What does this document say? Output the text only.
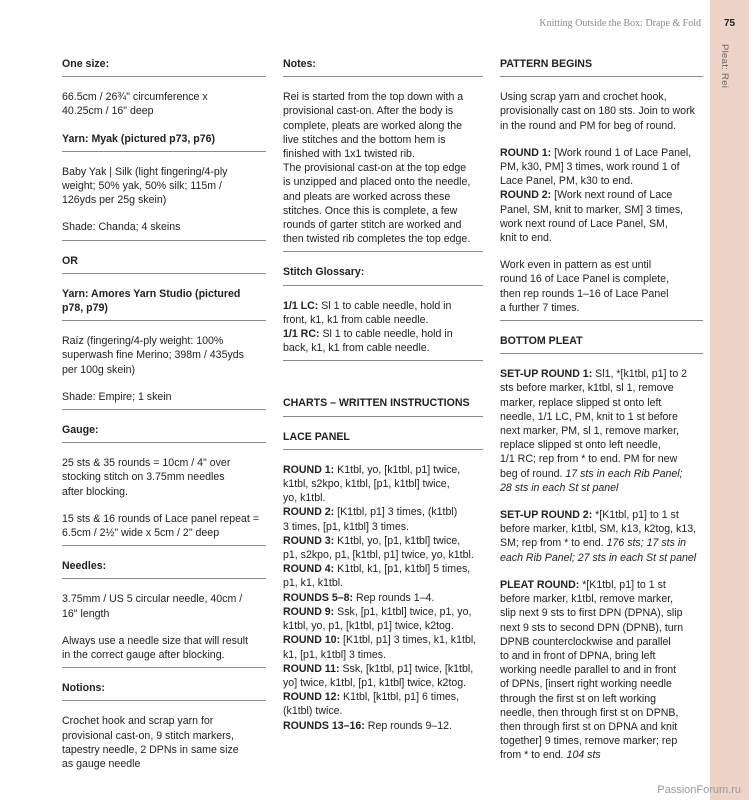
75
Pleat: Rei
Knitting Outside the Box: Drape & Fold
PassionForum.ru
One size:
66.5cm / 26¾" circumference x
40.25cm / 16" deep
Yarn: Myak (pictured p73, p76)
Baby Yak | Silk (light fingering/4-ply
weight; 50% yak, 50% silk; 115m /
126yds per 25g skein)
Shade: Chanda; 4 skeins
OR
Yarn: Amores Yarn Studio (pictured
p78, p79)
Raíz (fingering/4-ply weight: 100%
superwash fine Merino; 398m / 435yds
per 100g skein)
Shade: Empire; 1 skein
Gauge:
25 sts & 35 rounds = 10cm / 4" over
stocking stitch on 3.75mm needles
after blocking.
15 sts & 16 rounds of Lace panel repeat =
6.5cm / 2½" wide x 5cm / 2" deep
Needles:
3.75mm / US 5 circular needle, 40cm /
16" length
Always use a needle size that will result
in the correct gauge after blocking.
Notions:
Crochet hook and scrap yarn for
provisional cast-on, 9 stitch markers,
tapestry needle, 2 DPNs in same size
as gauge needle
Notes:
Rei is started from the top down with a
provisional cast-on. After the body is
complete, pleats are worked along the
live stitches and the bottom hem is
finished with 1x1 twisted rib.
The provisional cast-on at the top edge
is unzipped and placed onto the needle,
and pleats are worked across these
stitches. Once this is complete, a few
rounds of garter stitch are worked and
then twisted rib completes the top edge.
Stitch Glossary:
1/1 LC: Sl 1 to cable needle, hold in
front, k1, k1 from cable needle.
1/1 RC: Sl 1 to cable needle, hold in
back, k1, k1 from cable needle.
CHARTS – WRITTEN INSTRUCTIONS
LACE PANEL
ROUND 1: K1tbl, yo, [k1tbl, p1] twice,
k1tbl, s2kpo, k1tbl, [p1, k1tbl] twice,
yo, k1tbl.
ROUND 2: [K1tbl, p1] 3 times, (k1tbl)
3 times, [p1, k1tbl] 3 times.
ROUND 3: K1tbl, yo, [p1, k1tbl] twice,
p1, s2kpo, p1, [k1tbl, p1] twice, yo, k1tbl.
ROUND 4: K1tbl, k1, [p1, k1tbl] 5 times,
p1, k1, k1tbl.
ROUNDS 5–8: Rep rounds 1–4.
ROUND 9: Ssk, [p1, k1tbl] twice, p1, yo,
k1tbl, yo, p1, [k1tbl, p1] twice, k2tog.
ROUND 10: [K1tbl, p1] 3 times, k1, k1tbl,
k1, [p1, k1tbl] 3 times.
ROUND 11: Ssk, [k1tbl, p1] twice, [k1tbl,
yo] twice, k1tbl, [p1, k1tbl] twice, k2tog.
ROUND 12: K1tbl, [k1tbl, p1] 6 times,
(k1tbl) twice.
ROUNDS 13–16: Rep rounds 9–12.
PATTERN BEGINS
Using scrap yarn and crochet hook,
provisionally cast on 180 sts. Join to work
in the round and PM for beg of round.
ROUND 1: [Work round 1 of Lace Panel,
PM, k30, PM] 3 times, work round 1 of
Lace Panel, PM, k30 to end.
ROUND 2: [Work next round of Lace
Panel, SM, knit to marker, SM] 3 times,
work next round of Lace Panel, SM,
knit to end.
Work even in pattern as est until
round 16 of Lace Panel is complete,
then rep rounds 1–16 of Lace Panel
a further 7 times.
BOTTOM PLEAT
SET-UP ROUND 1: Sl1, *[k1tbl, p1] to 2
sts before marker, k1tbl, sl 1, remove
marker, replace slipped st onto left
needle, 1/1 LC, PM, knit to 1 st before
next marker, PM, sl 1, remove marker,
replace slipped st onto left needle,
1/1 RC; rep from * to end. PM for new
beg of round. 17 sts in each Rib Panel;
28 sts in each St st panel
SET-UP ROUND 2: *[K1tbl, p1] to 1 st
before marker, k1tbl, SM, k13, k2tog, k13,
SM; rep from * to end. 176 sts; 17 sts in
each Rib Panel; 27 sts in each St st panel
PLEAT ROUND: *[K1tbl, p1] to 1 st
before marker, k1tbl, remove marker,
slip next 9 sts to first DPN (DPNA), slip
next 9 sts to second DPN (DPNB), turn
DPNB counterclockwise and parallel
to and in front of DPNA, bring left
working needle parallel to and in front
of DPNs, [insert right working needle
through the first st on left working
needle, then through first st on DPNB,
then through first st on DPNA and knit
together] 9 times, remove marker; rep
from * to end. 104 sts
